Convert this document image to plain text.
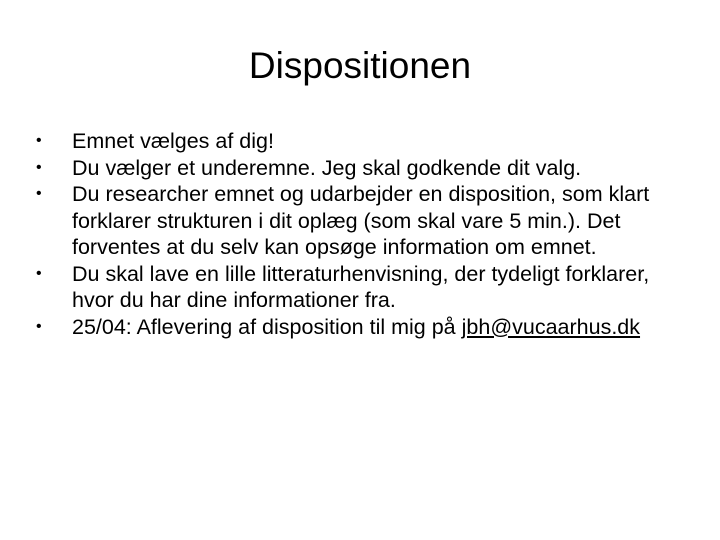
Dispositionen
•	Emnet vælges af dig!
•	Du vælger et underemne. Jeg skal godkende dit valg.
•	Du researcher emnet og udarbejder en disposition, som klart forklarer strukturen i dit oplæg (som skal vare 5 min.). Det forventes at du selv kan opsøge information om emnet.
•	Du skal lave en lille litteraturhenvisning, der tydeligt forklarer, hvor du har dine informationer fra.
•	25/04: Aflevering af disposition til mig på jbh@vucaarhus.dk
